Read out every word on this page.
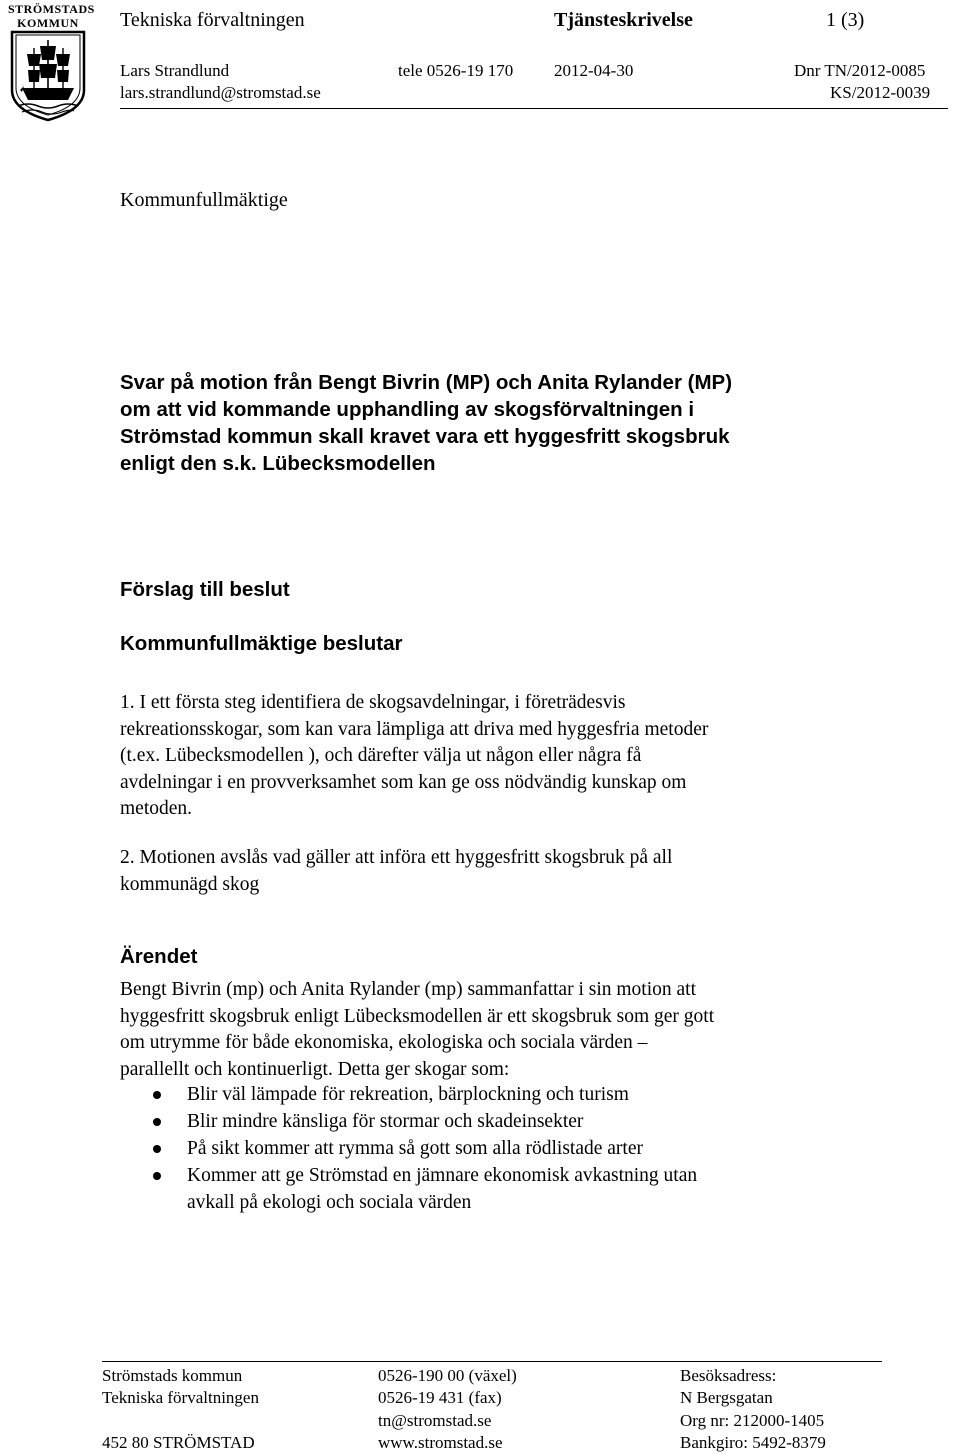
STRÖMSTADS
KOMMUN	Tekniska förvaltningen	Tjänsteskrivelse	1 (3)
Lars Strandlund	tele 0526-19 170 2012-04-30	Dnr TN/2012-0085
lars.strandlund@stromstad.se	KS/2012-0039
Kommunfullmäktige
Svar på motion från Bengt Bivrin (MP) och Anita Rylander (MP)
om att vid kommande upphandling av skogsförvaltningen i
Strömstad kommun skall kravet vara ett hyggesfritt skogsbruk
enligt den s.k. Lübecksmodellen
Förslag till beslut
Kommunfullmäktige beslutar
1. I ett första steg identifiera de skogsavdelningar, i företrädesvis
rekreationsskogar, som kan vara lämpliga att driva med hyggesfria metoder
(t.ex. Lübecksmodellen ), och därefter välja ut någon eller några få
avdelningar i en provverksamhet som kan ge oss nödvändig kunskap om
metoden.
2. Motionen avslås vad gäller att införa ett hyggesfritt skogsbruk på all
kommunägd skog
Ärendet
Bengt Bivrin (mp) och Anita Rylander (mp) sammanfattar i sin motion att
hyggesfritt skogsbruk enligt Lübecksmodellen är ett skogsbruk som ger gott
om utrymme för både ekonomiska, ekologiska och sociala värden –
parallellt och kontinuerligt. Detta ger skogar som:
Blir väl lämpade för rekreation, bärplockning och turism
Blir mindre känsliga för stormar och skadeinsekter
På sikt kommer att rymma så gott som alla rödlistade arter
Kommer att ge Strömstad en jämnare ekonomisk avkastning utan
avkall på ekologi och sociala värden
Strömstads kommun
Tekniska förvaltningen
452 80 STRÖMSTAD
0526-190 00 (växel)
0526-19 431 (fax)
tn@stromstad.se
www.stromstad.se
Besöksadress:
N Bergsgatan
Org nr: 212000-1405
Bankgiro: 5492-8379
